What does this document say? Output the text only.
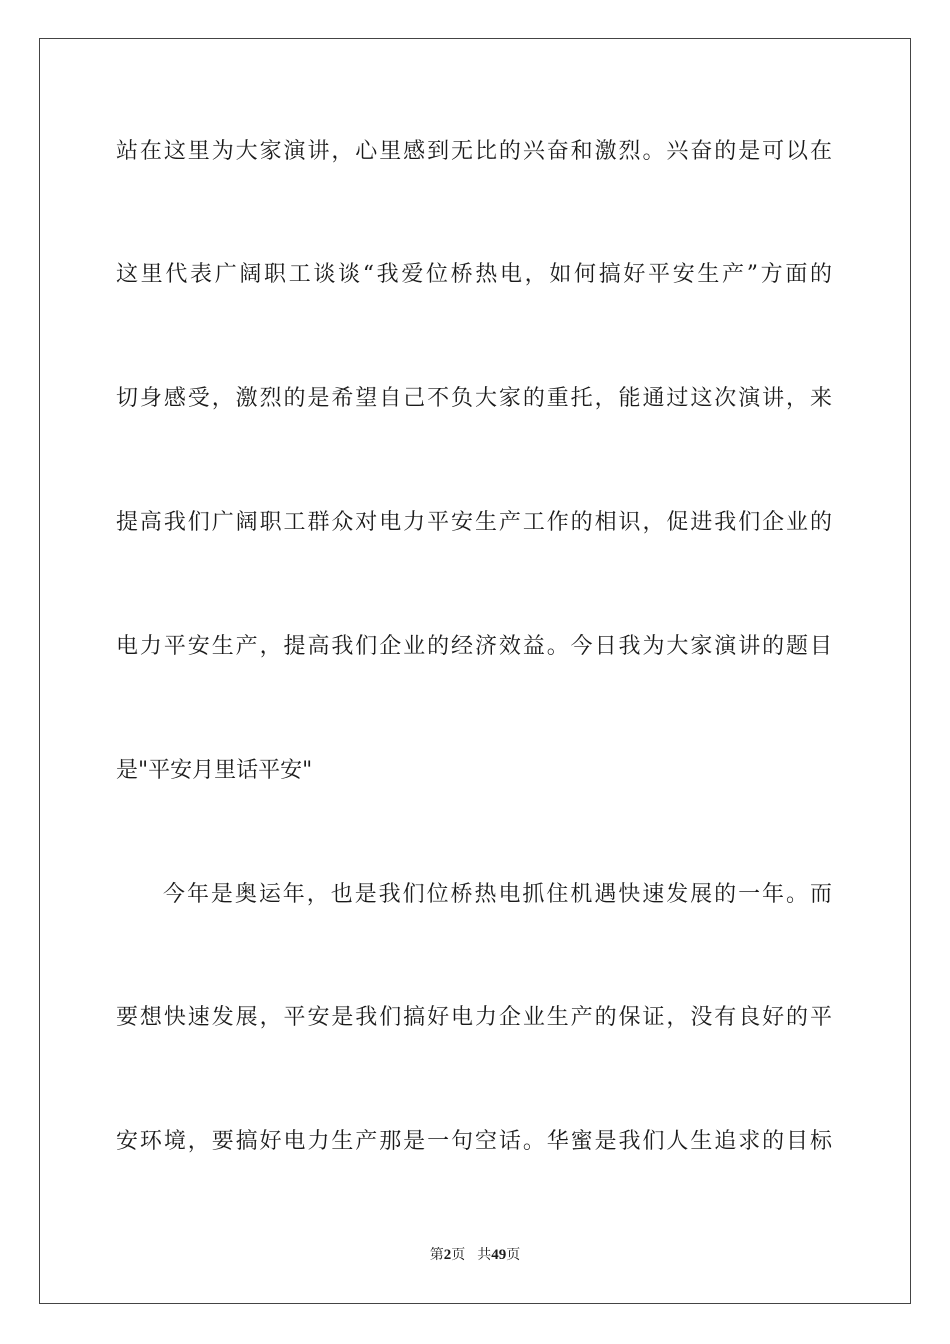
站在这里为大家演讲，心里感到无比的兴奋和激烈。兴奋的是可以在
这里代表广阔职工谈谈“我爱位桥热电，如何搞好平安生产”方面的
切身感受，激烈的是希望自己不负大家的重托，能通过这次演讲，来
提高我们广阔职工群众对电力平安生产工作的相识，促进我们企业的
电力平安生产，提高我们企业的经济效益。今日我为大家演讲的题目
是"平安月里话平安"
今年是奥运年，也是我们位桥热电抓住机遇快速发展的一年。而
要想快速发展，平安是我们搞好电力企业生产的保证，没有良好的平
安环境，要搞好电力生产那是一句空话。华蜜是我们人生追求的目标
第2页 共49页
